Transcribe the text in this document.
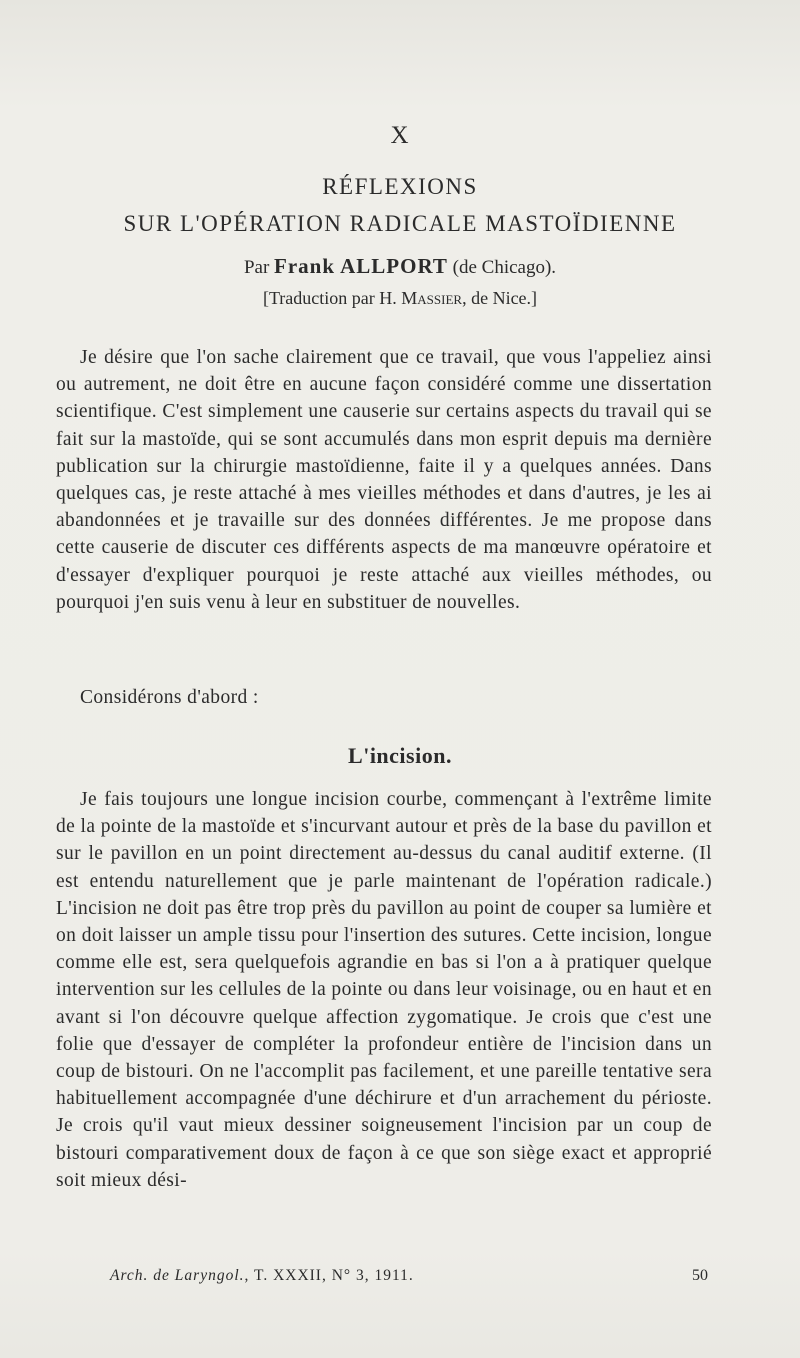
X
RÉFLEXIONS
SUR L'OPÉRATION RADICALE MASTOÏDIENNE
Par Frank ALLPORT (de Chicago).
[Traduction par H. Massier, de Nice.]

Je désire que l'on sache clairement que ce travail, que vous l'appeliez ainsi ou autrement, ne doit être en aucune façon considéré comme une dissertation scientifique. C'est simplement une causerie sur certains aspects du travail qui se fait sur la mastoïde, qui se sont accumulés dans mon esprit depuis ma dernière publication sur la chirurgie mastoïdienne, faite il y a quelques années. Dans quelques cas, je reste attaché à mes vieilles méthodes et dans d'autres, je les ai abandonnées et je travaille sur des données différentes. Je me propose dans cette causerie de discuter ces différents aspects de ma manœuvre opératoire et d'essayer d'expliquer pourquoi je reste attaché aux vieilles méthodes, ou pourquoi j'en suis venu à leur en substituer de nouvelles.

Considérons d'abord :

L'incision.

Je fais toujours une longue incision courbe, commençant à l'extrême limite de la pointe de la mastoïde et s'incurvant autour et près de la base du pavillon et sur le pavillon en un point directement au-dessus du canal auditif externe. (Il est entendu naturellement que je parle maintenant de l'opération radicale.) L'incision ne doit pas être trop près du pavillon au point de couper sa lumière et on doit laisser un ample tissu pour l'insertion des sutures. Cette incision, longue comme elle est, sera quelquefois agrandie en bas si l'on a à pratiquer quelque intervention sur les cellules de la pointe ou dans leur voisinage, ou en haut et en avant si l'on découvre quelque affection zygomatique. Je crois que c'est une folie que d'essayer de compléter la profondeur entière de l'incision dans un coup de bistouri. On ne l'accomplit pas facilement, et une pareille tentative sera habituellement accompagnée d'une déchirure et d'un arrachement du périoste. Je crois qu'il vaut mieux dessiner soigneusement l'incision par un coup de bistouri comparativement doux de façon à ce que son siège exact et approprié soit mieux dési-

Arch. de Laryngol., T. XXXII, N° 3, 1911.	50
